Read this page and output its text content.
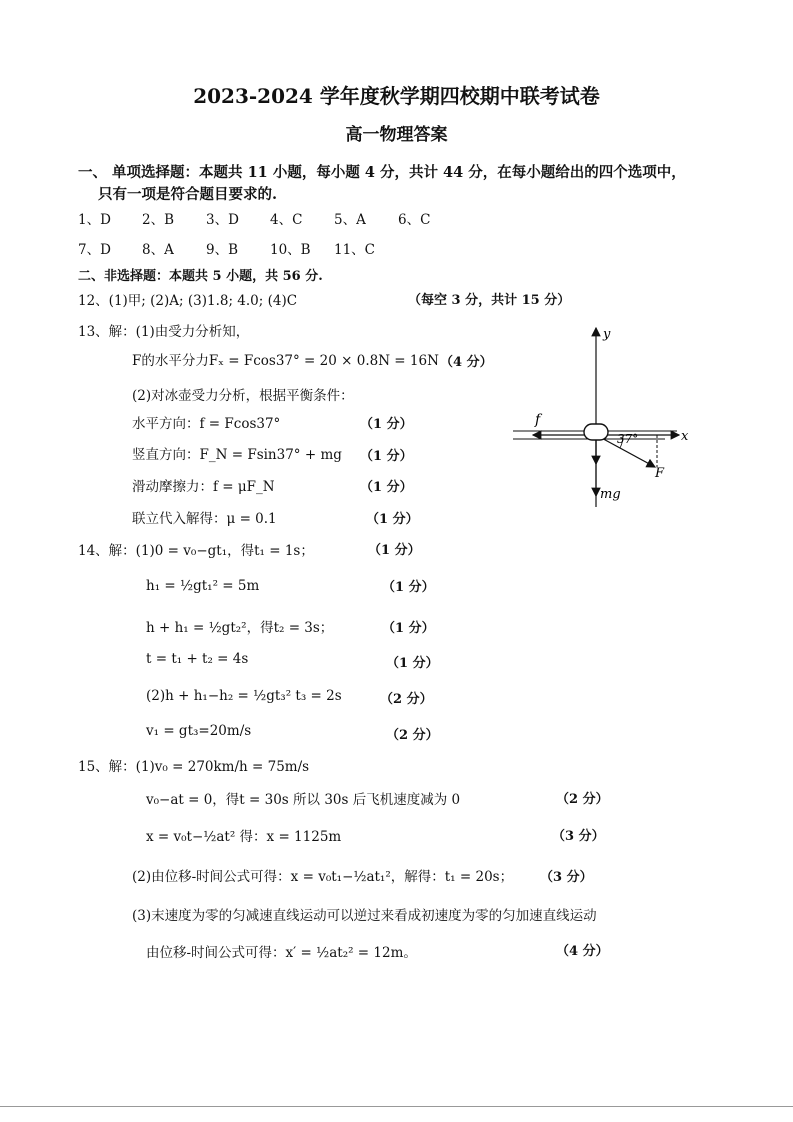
2023-2024 学年度秋学期四校期中联考试卷
高一物理答案
一、 单项选择题：本题共 11 小题，每小题 4 分，共计 44 分，在每小题给出的四个选项中，
只有一项是符合题目要求的.
1、D	2、B	3、D	4、C	5、A	6、C
7、D	8、A	9、B	10、B	11、C
二、非选择题：本题共 5 小题，共 56 分.
12、(1)甲; (2)A; (3)1.8; 4.0; (4)C	（每空 3 分，共计 15 分）
13、解：(1)由受力分析知，
F的水平分力Fₓ = Fcos37° = 20 × 0.8N = 16N （4 分）
(2)对冰壶受力分析，根据平衡条件：
水平方向：f = Fcos37°	（1 分）
竖直方向：F_N = Fsin37° + mg （1 分）
滑动摩擦力：f = μF_N	（1 分）
联立代入解得：μ = 0.1	（1 分）
y
x
f
F
mg
37°
14、解：(1)0 = v₀−gt₁，得t₁ = 1s；	（1 分）
h₁ = ½gt₁² = 5m	（1 分）
h + h₁ = ½gt₂²，得t₂ = 3s；	（1 分）
t = t₁ + t₂ = 4s	（1 分）
(2)h + h₁−h₂ = ½gt₃² t₃ = 2s	（2 分）
v₁ = gt₃=20m/s	（2 分）
15、解：(1)v₀ = 270km/h = 75m/s
v₀−at = 0，得t = 30s 所以 30s 后飞机速度减为 0	（2 分）
x = v₀t−½at² 得：x = 1125m	（3 分）
(2)由位移-时间公式可得：x = v₀t₁−½at₁²，解得：t₁ = 20s； （3 分）
(3)末速度为零的匀减速直线运动可以逆过来看成初速度为零的匀加速直线运动
由位移-时间公式可得：x′ = ½at₂² = 12m。	（4 分）
